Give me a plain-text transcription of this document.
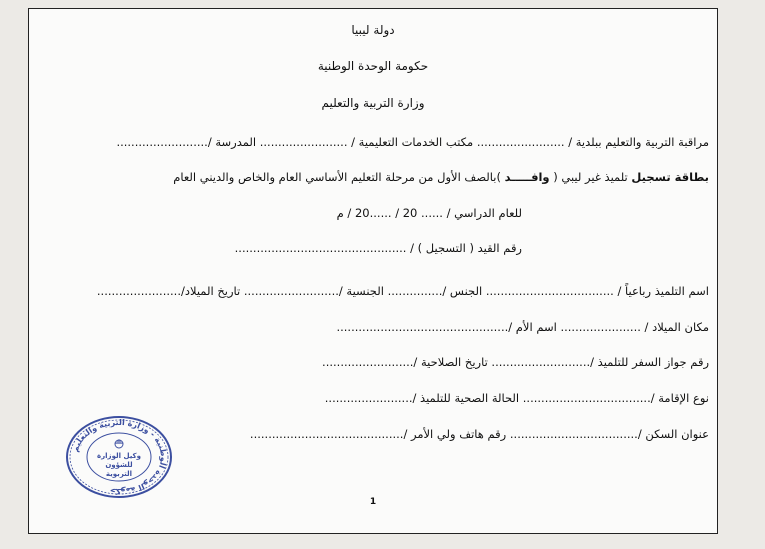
دولة ليبيا
حكومة الوحدة الوطنية
وزارة التربية والتعليم
مراقبة التربية والتعليم ببلدية / ........................ مكتب الخدمات التعليمية / ........................ المدرسة /.........................
بطاقة تسجيل تلميذ غير ليبي ( وافـــــد )بالصف الأول من مرحلة التعليم الأساسي العام والخاص والديني العام
للعام الدراسي / ...... 20 / ......20 / م
رقم القيد ( التسجيل ) / ...............................................
اسم التلميذ رباعياً / ................................... الجنس /............... الجنسية /.......................... تاريخ الميلاد/.......................
مكان الميلاد / ...................... اسم الأم /...............................................
رقم جواز السفر للتلميذ /........................... تاريخ الصلاحية /.........................
نوع الإقامة /................................... الحالة الصحية للتلميذ /........................
عنوان السكن /................................... رقم هاتف ولي الأمر /..........................................
حكومة الوحدة الوطنية - وزارة التربية والتعليم
وكيل الوزارة للشؤون التربوية
1
